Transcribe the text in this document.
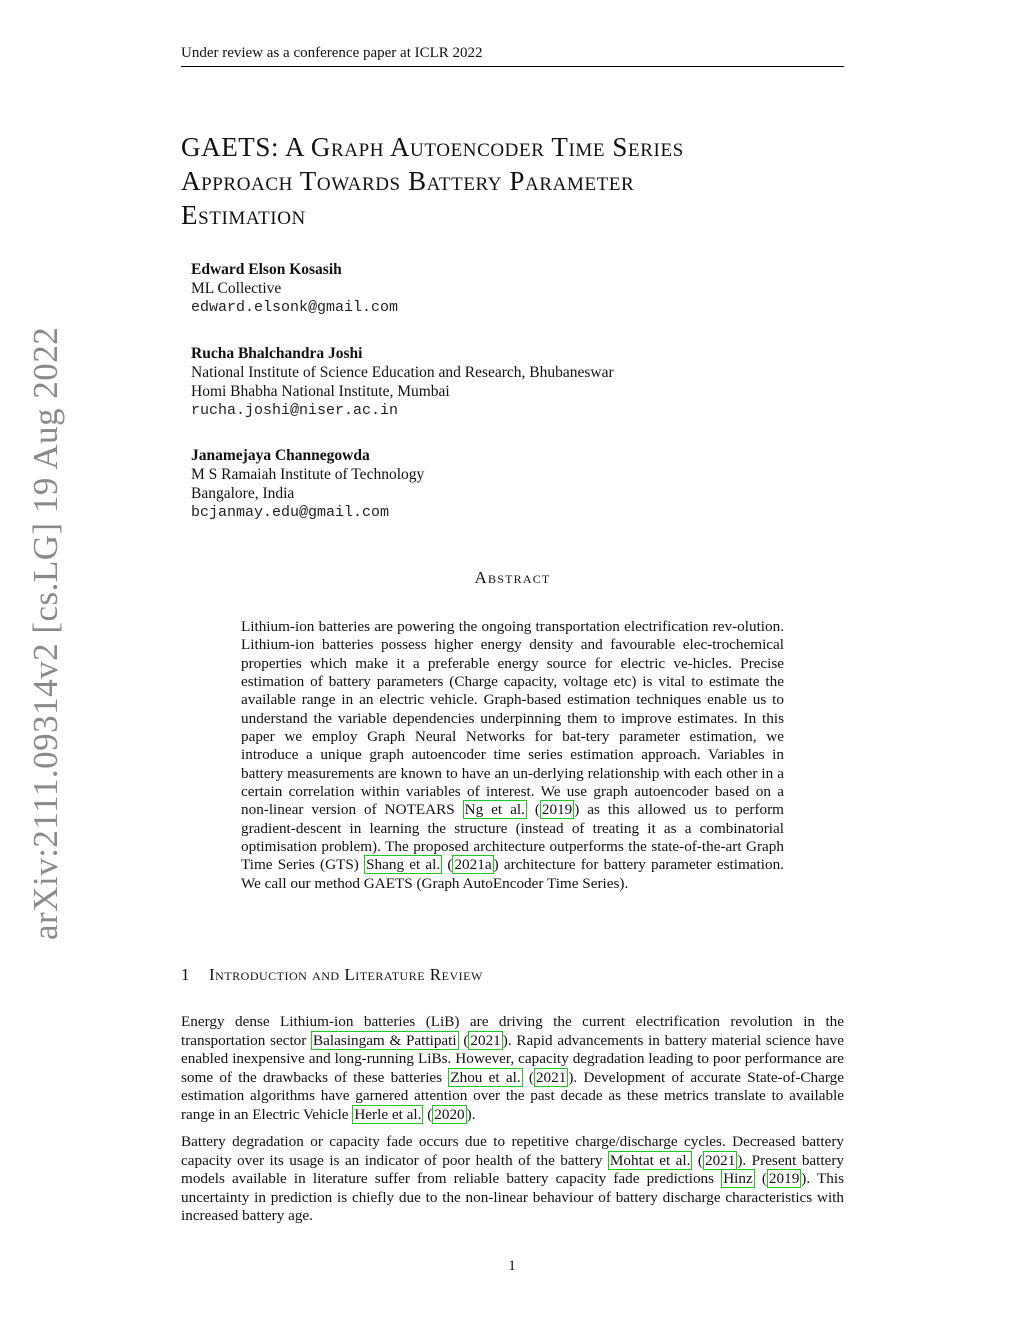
Under review as a conference paper at ICLR 2022
GAETS: A Graph Autoencoder Time Series
Approach Towards Battery Parameter
Estimation
Edward Elson Kosasih
ML Collective
edward.elsonk@gmail.com
Rucha Bhalchandra Joshi
National Institute of Science Education and Research, Bhubaneswar
Homi Bhabha National Institute, Mumbai
rucha.joshi@niser.ac.in
Janamejaya Channegowda
M S Ramaiah Institute of Technology
Bangalore, India
bcjanmay.edu@gmail.com
arXiv:2111.09314v2 [cs.LG] 19 Aug 2022	Abstract
Lithium-ion batteries are powering the ongoing transportation electrification rev-olution. Lithium-ion batteries possess higher energy density and favourable elec-trochemical properties which make it a preferable energy source for electric ve-hicles. Precise estimation of battery parameters (Charge capacity, voltage etc) is vital to estimate the available range in an electric vehicle. Graph-based estimation techniques enable us to understand the variable dependencies underpinning them to improve estimates. In this paper we employ Graph Neural Networks for bat-tery parameter estimation, we introduce a unique graph autoencoder time series estimation approach. Variables in battery measurements are known to have an un-derlying relationship with each other in a certain correlation within variables of interest. We use graph autoencoder based on a non-linear version of NOTEARS Ng et al. ( 2019 ) as this allowed us to perform gradient-descent in learning the structure (instead of treating it as a combinatorial optimisation problem). The proposed architecture outperforms the state-of-the-art Graph Time Series (GTS) Shang et al. ( 2021a ) architecture for battery parameter estimation. We call our method GAETS (Graph AutoEncoder Time Series).
1 Introduction and Literature Review
Energy dense Lithium-ion batteries (LiB) are driving the current electrification revolution in the transportation sector Balasingam & Pattipati ( 2021 ). Rapid advancements in battery material science have enabled inexpensive and long-running LiBs. However, capacity degradation leading to poor performance are some of the drawbacks of these batteries Zhou et al. ( 2021 ). Development of accurate State-of-Charge estimation algorithms have garnered attention over the past decade as these metrics translate to available range in an Electric Vehicle Herle et al. ( 2020 ).
Battery degradation or capacity fade occurs due to repetitive charge/discharge cycles. Decreased battery capacity over its usage is an indicator of poor health of the battery Mohtat et al. ( 2021 ). Present battery models available in literature suffer from reliable battery capacity fade predictions Hinz ( 2019 ). This uncertainty in prediction is chiefly due to the non-linear behaviour of battery discharge characteristics with increased battery age.
1
